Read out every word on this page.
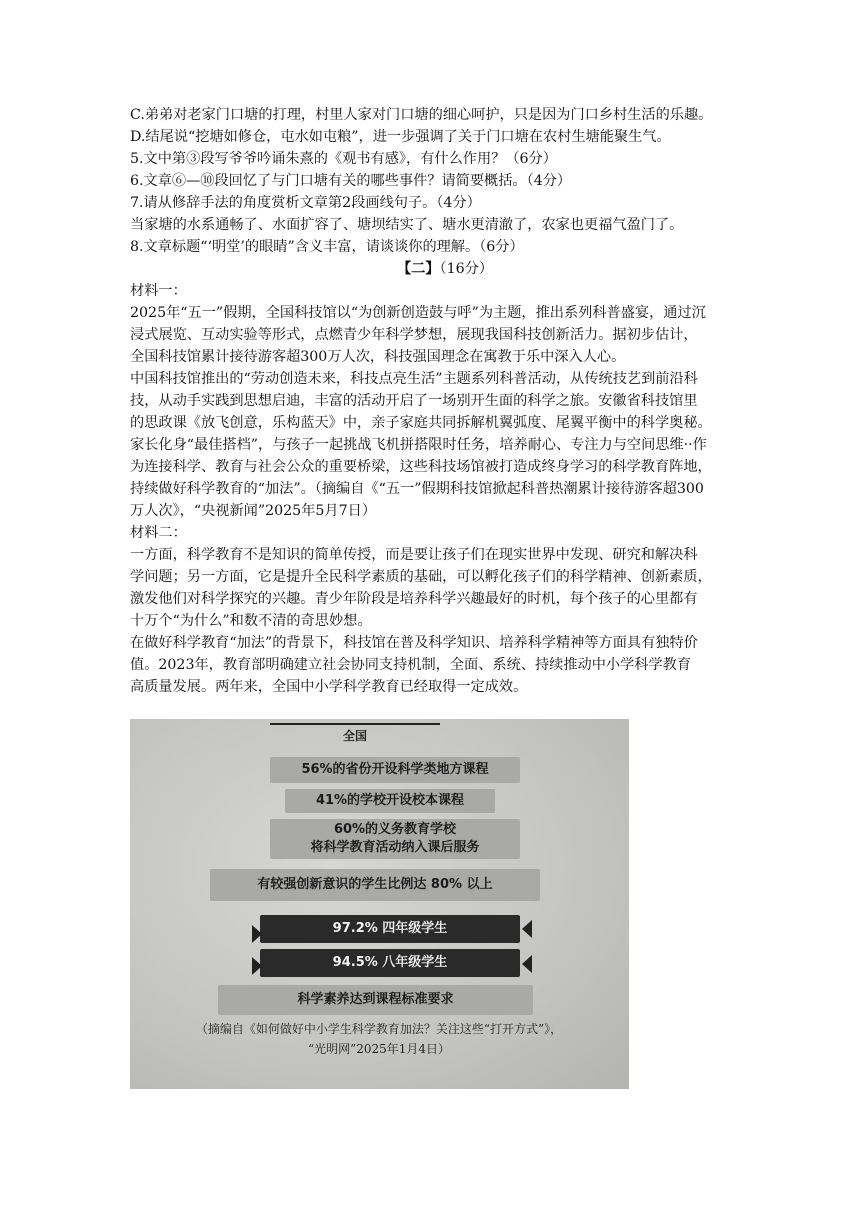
C.弟弟对老家门口塘的打理，村里人家对门口塘的细心呵护，只是因为门口乡村生活的乐趣。
D.结尾说“挖塘如修仓，屯水如屯粮”，进一步强调了关于门口塘在农村生塘能聚生气。
5.文中第③段写爷爷吟诵朱熹的《观书有感》，有什么作用？（6分）
6.文章⑥—⑩段回忆了与门口塘有关的哪些事件？请简要概括。（4分）
7.请从修辞手法的角度赏析文章第2段画线句子。（4分）
当家塘的水系通畅了、水面扩容了、塘坝结实了、塘水更清澈了，农家也更福气盈门了。
8.文章标题“‘明堂’的眼睛”含义丰富，请谈谈你的理解。（6分）
【二】（16分）
材料一：
2025年“五一”假期，全国科技馆以“为创新创造鼓与呼”为主题，推出系列科普盛宴，通过沉
浸式展览、互动实验等形式，点燃青少年科学梦想，展现我国科技创新活力。据初步估计，
全国科技馆累计接待游客超300万人次，科技强国理念在寓教于乐中深入人心。
中国科技馆推出的“劳动创造未来，科技点亮生活”主题系列科普活动，从传统技艺到前沿科
技，从动手实践到思想启迪，丰富的活动开启了一场别开生面的科学之旅。安徽省科技馆里
的思政课《放飞创意，乐构蓝天》中，亲子家庭共同拆解机翼弧度、尾翼平衡中的科学奥秘。
家长化身“最佳搭档”，与孩子一起挑战飞机拼搭限时任务，培养耐心、专注力与空间思维··作
为连接科学、教育与社会公众的重要桥梁，这些科技场馆被打造成终身学习的科学教育阵地，
持续做好科学教育的“加法”。（摘编自《“五一”假期科技馆掀起科普热潮累计接待游客超300
万人次》，“央视新闻”2025年5月7日）
材料二：
一方面，科学教育不是知识的简单传授，而是要让孩子们在现实世界中发现、研究和解决科
学问题；另一方面，它是提升全民科学素质的基础，可以孵化孩子们的科学精神、创新素质，
激发他们对科学探究的兴趣。青少年阶段是培养科学兴趣最好的时机，每个孩子的心里都有
十万个“为什么”和数不清的奇思妙想。
在做好科学教育“加法”的背景下，科技馆在普及科学知识、培养科学精神等方面具有独特价
值。2023年，教育部明确建立社会协同支持机制，全面、系统、持续推动中小学科学教育
高质量发展。两年来，全国中小学科学教育已经取得一定成效。
全国
56%的省份开设科学类地方课程
41%的学校开设校本课程
60%的义务教育学校
将科学教育活动纳入课后服务
有较强创新意识的学生比例达 80% 以上
97.2% 四年级学生
94.5% 八年级学生
科学素养达到课程标准要求
（摘编自《如何做好中小学生科学教育加法？关注这些“打开方式”》，
“光明网”2025年1月4日）
